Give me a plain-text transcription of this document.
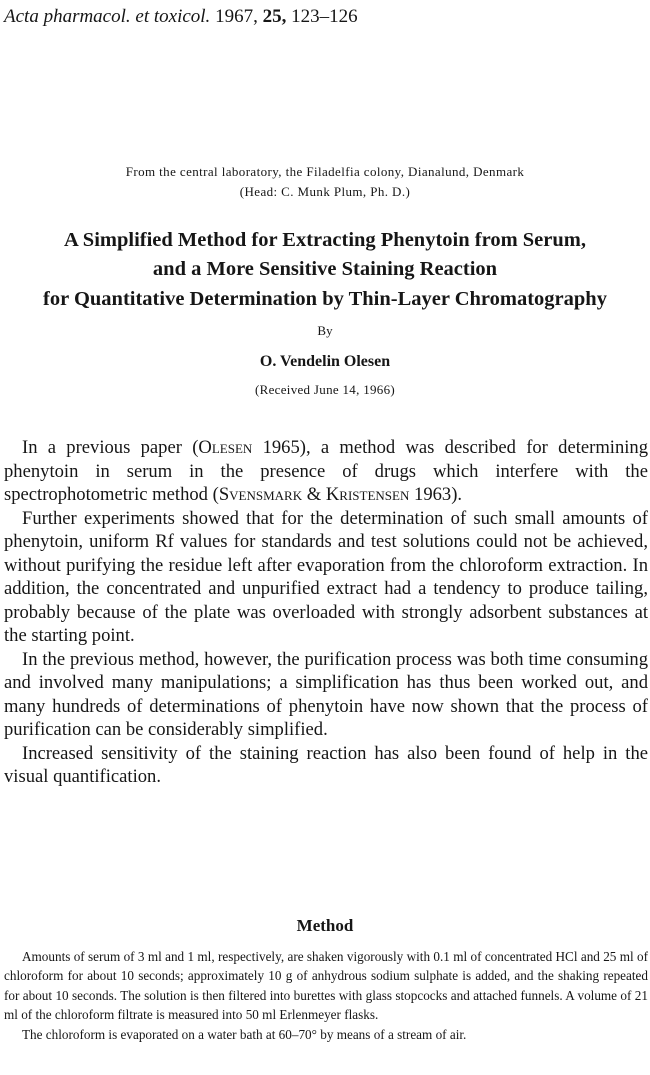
Acta pharmacol. et toxicol. 1967, 25, 123–126
From the central laboratory, the Filadelfia colony, Dianalund, Denmark
(Head: C. Munk Plum, Ph. D.)
A Simplified Method for Extracting Phenytoin from Serum,
and a More Sensitive Staining Reaction
for Quantitative Determination by Thin-Layer Chromatography
By
O. Vendelin Olesen
(Received June 14, 1966)

In a previous paper (Olesen 1965), a method was described for determining phenytoin in serum in the presence of drugs which interfere with the spectrophotometric method (Svensmark & Kristensen 1963).

Further experiments showed that for the determination of such small amounts of phenytoin, uniform Rf values for standards and test solutions could not be achieved, without purifying the residue left after evaporation from the chloroform extraction. In addition, the concentrated and unpurified extract had a tendency to produce tailing, probably because of the plate was overloaded with strongly adsorbent substances at the starting point.

In the previous method, however, the purification process was both time consuming and involved many manipulations; a simplification has thus been worked out, and many hundreds of determinations of phenytoin have now shown that the process of purification can be considerably simplified.

Increased sensitivity of the staining reaction has also been found of help in the visual quantification.

Method

Amounts of serum of 3 ml and 1 ml, respectively, are shaken vigorously with 0.1 ml of concentrated HCl and 25 ml of chloroform for about 10 seconds; approximately 10 g of anhydrous sodium sulphate is added, and the shaking repeated for about 10 seconds. The solution is then filtered into burettes with glass stopcocks and attached funnels. A volume of 21 ml of the chloroform filtrate is measured into 50 ml Erlenmeyer flasks.

The chloroform is evaporated on a water bath at 60–70° by means of a stream of air.
